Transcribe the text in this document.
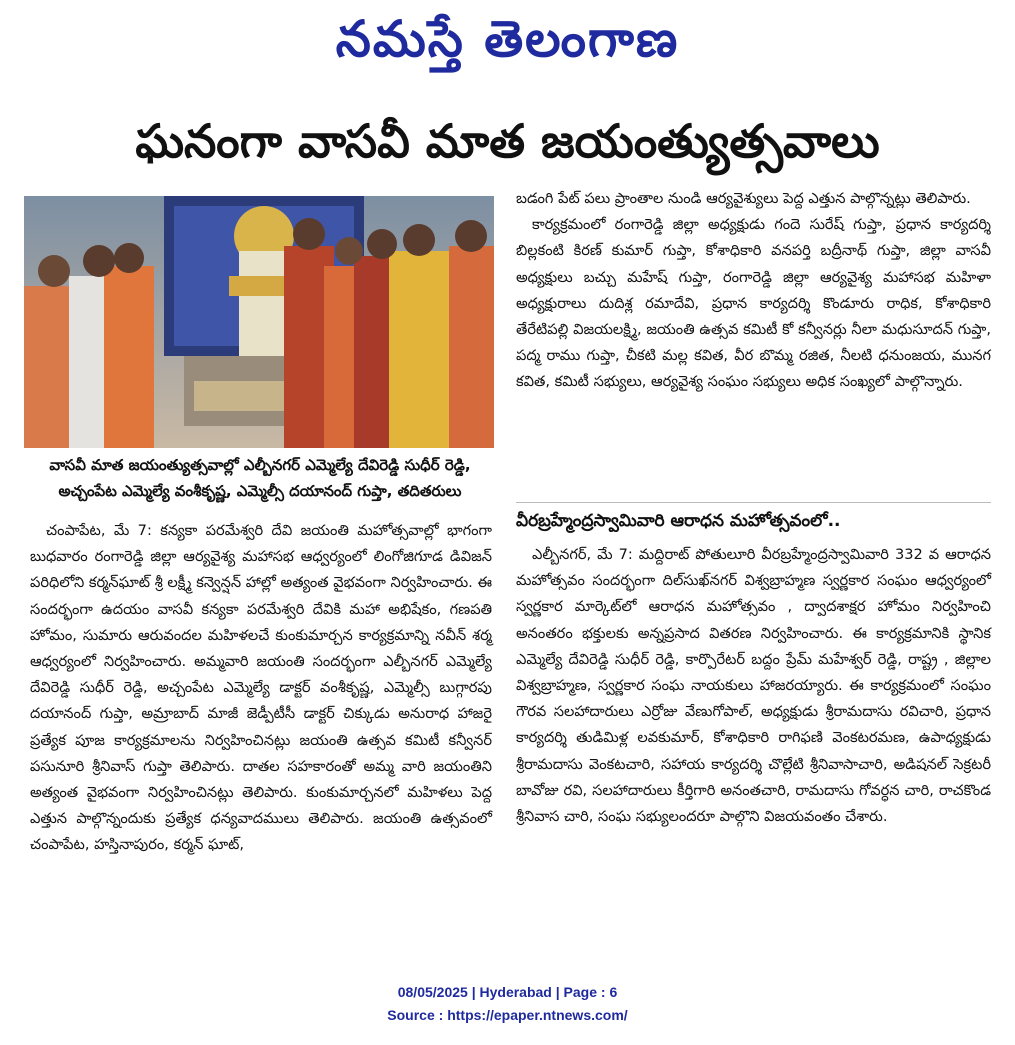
నమస్తే తెలంగాణ
ఘనంగా వాసవీ మాత జయంత్యుత్సవాలు
వాసవీ మాత జయంత్యుత్సవాల్లో ఎల్బీనగర్ ఎమ్మెల్యే దేవిరెడ్డి సుధీర్ రెడ్డి, అచ్చంపేట ఎమ్మెల్యే వంశీకృష్ణ, ఎమ్మెల్సీ దయానంద్ గుప్తా, తదితరులు

చంపాపేట, మే 7: కన్యకా పరమేశ్వరి దేవి జయంతి మహోత్సవాల్లో భాగంగా బుధవారం రంగారెడ్డి జిల్లా ఆర్యవైశ్య మహాసభ ఆధ్వర్యంలో లింగోజిగూడ డివిజన్ పరిధిలోని కర్మన్‌ఘాట్ శ్రీ లక్ష్మీ కన్వెన్షన్ హాల్లో అత్యంత వైభవంగా నిర్వహించారు. ఈ సందర్భంగా ఉదయం వాసవీ కన్యకా పరమేశ్వరి దేవికి మహా అభిషేకం, గణపతి హోమం, సుమారు ఆరువందల మహిళలచే కుంకుమార్చన కార్యక్రమాన్ని నవీన్ శర్మ ఆధ్వర్యంలో నిర్వహించారు. అమ్మవారి జయంతి సందర్భంగా ఎల్బీనగర్ ఎమ్మెల్యే దేవిరెడ్డి సుధీర్ రెడ్డి, అచ్చంపేట ఎమ్మెల్యే డాక్టర్ వంశీకృష్ణ, ఎమ్మెల్సీ బుగ్గారపు దయానంద్ గుప్తా, అమ్రాబాద్ మాజీ జెడ్పీటీసీ డాక్టర్ చిక్కుడు అనురాధ హాజరై ప్రత్యేక పూజ కార్యక్రమాలను నిర్వహించినట్లు జయంతి ఉత్సవ కమిటీ కన్వీనర్ పసునూరి శ్రీనివాస్ గుప్తా తెలిపారు. దాతల సహకారంతో అమ్మ వారి జయంతిని అత్యంత వైభవంగా నిర్వహించినట్లు తెలిపారు. కుంకుమార్చనలో మహిళలు పెద్ద ఎత్తున పాల్గొన్నందుకు ప్రత్యేక ధన్యవాదములు తెలిపారు. జయంతి ఉత్సవంలో చంపాపేట, హస్తినాపురం, కర్మన్ ఘాట్,

బడంగి పేట్ పలు ప్రాంతాల నుండి ఆర్యవైశ్యులు పెద్ద ఎత్తున పాల్గొన్నట్లు తెలిపారు.

కార్యక్రమంలో రంగారెడ్డి జిల్లా అధ్యక్షుడు గందె సురేష్ గుప్తా, ప్రధాన కార్యదర్శి బిల్లకంటి కిరణ్ కుమార్ గుప్తా, కోశాధికారి వనపర్తి బద్రీనాథ్ గుప్తా, జిల్లా వాసవీ అధ్యక్షులు బచ్చు మహేష్ గుప్తా, రంగారెడ్డి జిల్లా ఆర్యవైశ్య మహాసభ మహిళా అధ్యక్షురాలు దుదిశ్ల రమాదేవి, ప్రధాన కార్యదర్శి కొండూరు రాధిక, కోశాధికారి తేరేటిపల్లి విజయలక్ష్మి, జయంతి ఉత్సవ కమిటీ కో కన్వీనర్లు నీలా మధుసూదన్ గుప్తా, పద్మ రాము గుప్తా, చీకటి మల్ల కవిత, వీర బొమ్మ రజిత, నీలటి ధనుంజయ, మునగ కవిత, కమిటీ సభ్యులు, ఆర్యవైశ్య సంఘం సభ్యులు అధిక సంఖ్యలో పాల్గొన్నారు.

వీరబ్రహ్మేంద్రస్వామివారి ఆరాధన మహోత్సవంలో..

ఎల్బీనగర్, మే 7: మద్దిరాట్ పోతులూరి వీరబ్రహ్మేంద్రస్వామివారి 332 వ ఆరాధన మహోత్సవం సందర్భంగా దిల్‌సుఖ్‌నగర్ విశ్వబ్రాహ్మణ స్వర్ణకార సంఘం ఆధ్వర్యంలో స్వర్ణకార మార్కెట్‌లో ఆరాధన మహోత్సవం , ద్వాదశాక్షర హోమం నిర్వహించి అనంతరం భక్తులకు అన్నప్రసాద వితరణ నిర్వహించారు. ఈ కార్యక్రమానికి స్థానిక ఎమ్మెల్యే దేవిరెడ్డి సుధీర్ రెడ్డి, కార్పొరేటర్ బద్దం ప్రేమ్ మహేశ్వర్ రెడ్డి, రాష్ట్ర , జిల్లాల విశ్వబ్రాహ్మణ, స్వర్ణకార సంఘ నాయకులు హాజరయ్యారు. ఈ కార్యక్రమంలో సంఘం గౌరవ సలహాదారులు ఎర్రోజు వేణుగోపాల్, అధ్యక్షుడు శ్రీరామదాసు రవిచారి, ప్రధాన కార్యదర్శి తుడిమిళ్ల లవకుమార్, కోశాధికారి రాగిఫణి వెంకటరమణ, ఉపాధ్యక్షుడు శ్రీరామదాసు వెంకటచారి, సహాయ కార్యదర్శి చొల్లేటి శ్రీనివాసాచారి, అడిషనల్ సెక్రటరీ బావోజు రవి, సలహాదారులు కీర్తిగారి అనంతచారి, రామదాసు గోవర్ధన చారి, రాచకొండ శ్రీనివాస చారి, సంఘ సభ్యులందరూ పాల్గొని విజయవంతం చేశారు.

08/05/2025 | Hyderabad | Page : 6
Source : https://epaper.ntnews.com/
